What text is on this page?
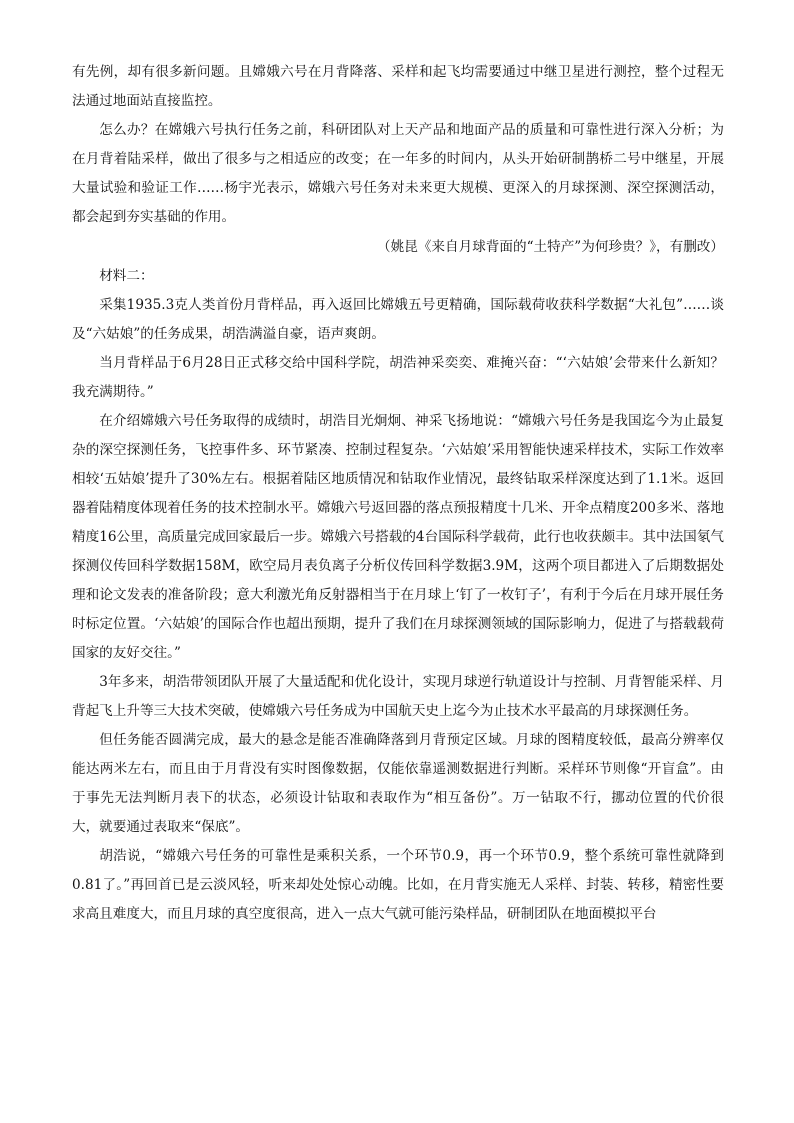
有先例，却有很多新问题。且嫦娥六号在月背降落、采样和起飞均需要通过中继卫星进行测控，整个过程无法通过地面站直接监控。

怎么办？在嫦娥六号执行任务之前，科研团队对上天产品和地面产品的质量和可靠性进行深入分析；为在月背着陆采样，做出了很多与之相适应的改变；在一年多的时间内，从头开始研制鹊桥二号中继星，开展大量试验和验证工作……杨宇光表示，嫦娥六号任务对未来更大规模、更深入的月球探测、深空探测活动，都会起到夯实基础的作用。

（姚昆《来自月球背面的“土特产”为何珍贵？》，有删改）

材料二：

采集1935.3克人类首份月背样品，再入返回比嫦娥五号更精确，国际载荷收获科学数据“大礼包”……谈及“六姑娘”的任务成果，胡浩满溢自豪，语声爽朗。

当月背样品于6月28日正式移交给中国科学院，胡浩神采奕奕、难掩兴奋：“‘六姑娘’会带来什么新知？我充满期待。”

在介绍嫦娥六号任务取得的成绩时，胡浩目光炯炯、神采飞扬地说：“嫦娥六号任务是我国迄今为止最复杂的深空探测任务，飞控事件多、环节紧凑、控制过程复杂。‘六姑娘’采用智能快速采样技术，实际工作效率相较‘五姑娘’提升了30%左右。根据着陆区地质情况和钻取作业情况，最终钻取采样深度达到了1.1米。返回器着陆精度体现着任务的技术控制水平。嫦娥六号返回器的落点预报精度十几米、开伞点精度200多米、落地精度16公里，高质量完成回家最后一步。嫦娥六号搭载的4台国际科学载荷，此行也收获颇丰。其中法国氡气探测仪传回科学数据158M，欧空局月表负离子分析仪传回科学数据3.9M，这两个项目都进入了后期数据处理和论文发表的准备阶段；意大利激光角反射器相当于在月球上‘钉了一枚钉子’，有利于今后在月球开展任务时标定位置。‘六姑娘’的国际合作也超出预期，提升了我们在月球探测领域的国际影响力，促进了与搭载载荷国家的友好交往。”

3年多来，胡浩带领团队开展了大量适配和优化设计，实现月球逆行轨道设计与控制、月背智能采样、月背起飞上升等三大技术突破，使嫦娥六号任务成为中国航天史上迄今为止技术水平最高的月球探测任务。

但任务能否圆满完成，最大的悬念是能否准确降落到月背预定区域。月球的图精度较低，最高分辨率仅能达两米左右，而且由于月背没有实时图像数据，仅能依靠遥测数据进行判断。采样环节则像“开盲盒”。由于事先无法判断月表下的状态，必须设计钻取和表取作为“相互备份”。万一钻取不行，挪动位置的代价很大，就要通过表取来“保底”。

胡浩说，“嫦娥六号任务的可靠性是乘积关系，一个环节0.9，再一个环节0.9，整个系统可靠性就降到0.81了。”再回首已是云淡风轻，听来却处处惊心动魄。比如，在月背实施无人采样、封装、转移，精密性要求高且难度大，而且月球的真空度很高，进入一点大气就可能污染样品，研制团队在地面模拟平台
